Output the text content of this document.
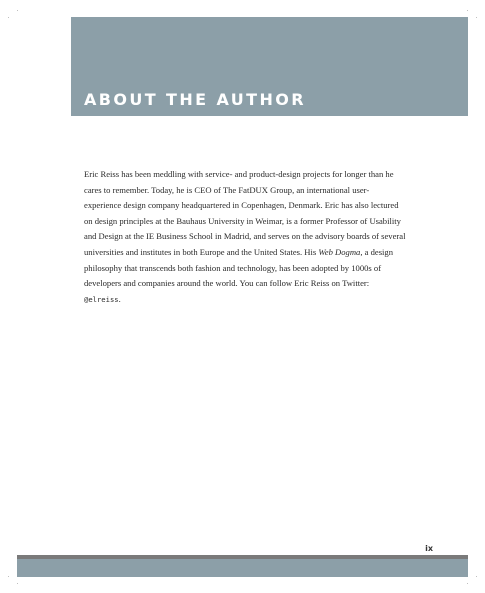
ABOUT THE AUTHOR

Eric Reiss has been meddling with service- and product-design projects for longer than he cares to remember. Today, he is CEO of The FatDUX Group, an international user-experience design company headquartered in Copenhagen, Denmark. Eric has also lectured on design principles at the Bauhaus University in Weimar, is a former Professor of Usability and Design at the IE Business School in Madrid, and serves on the advisory boards of several universities and institutes in both Europe and the United States. His Web Dogma, a design philosophy that transcends both fashion and technology, has been adopted by 1000s of developers and companies around the world. You can follow Eric Reiss on Twitter: @elreiss.

ix
